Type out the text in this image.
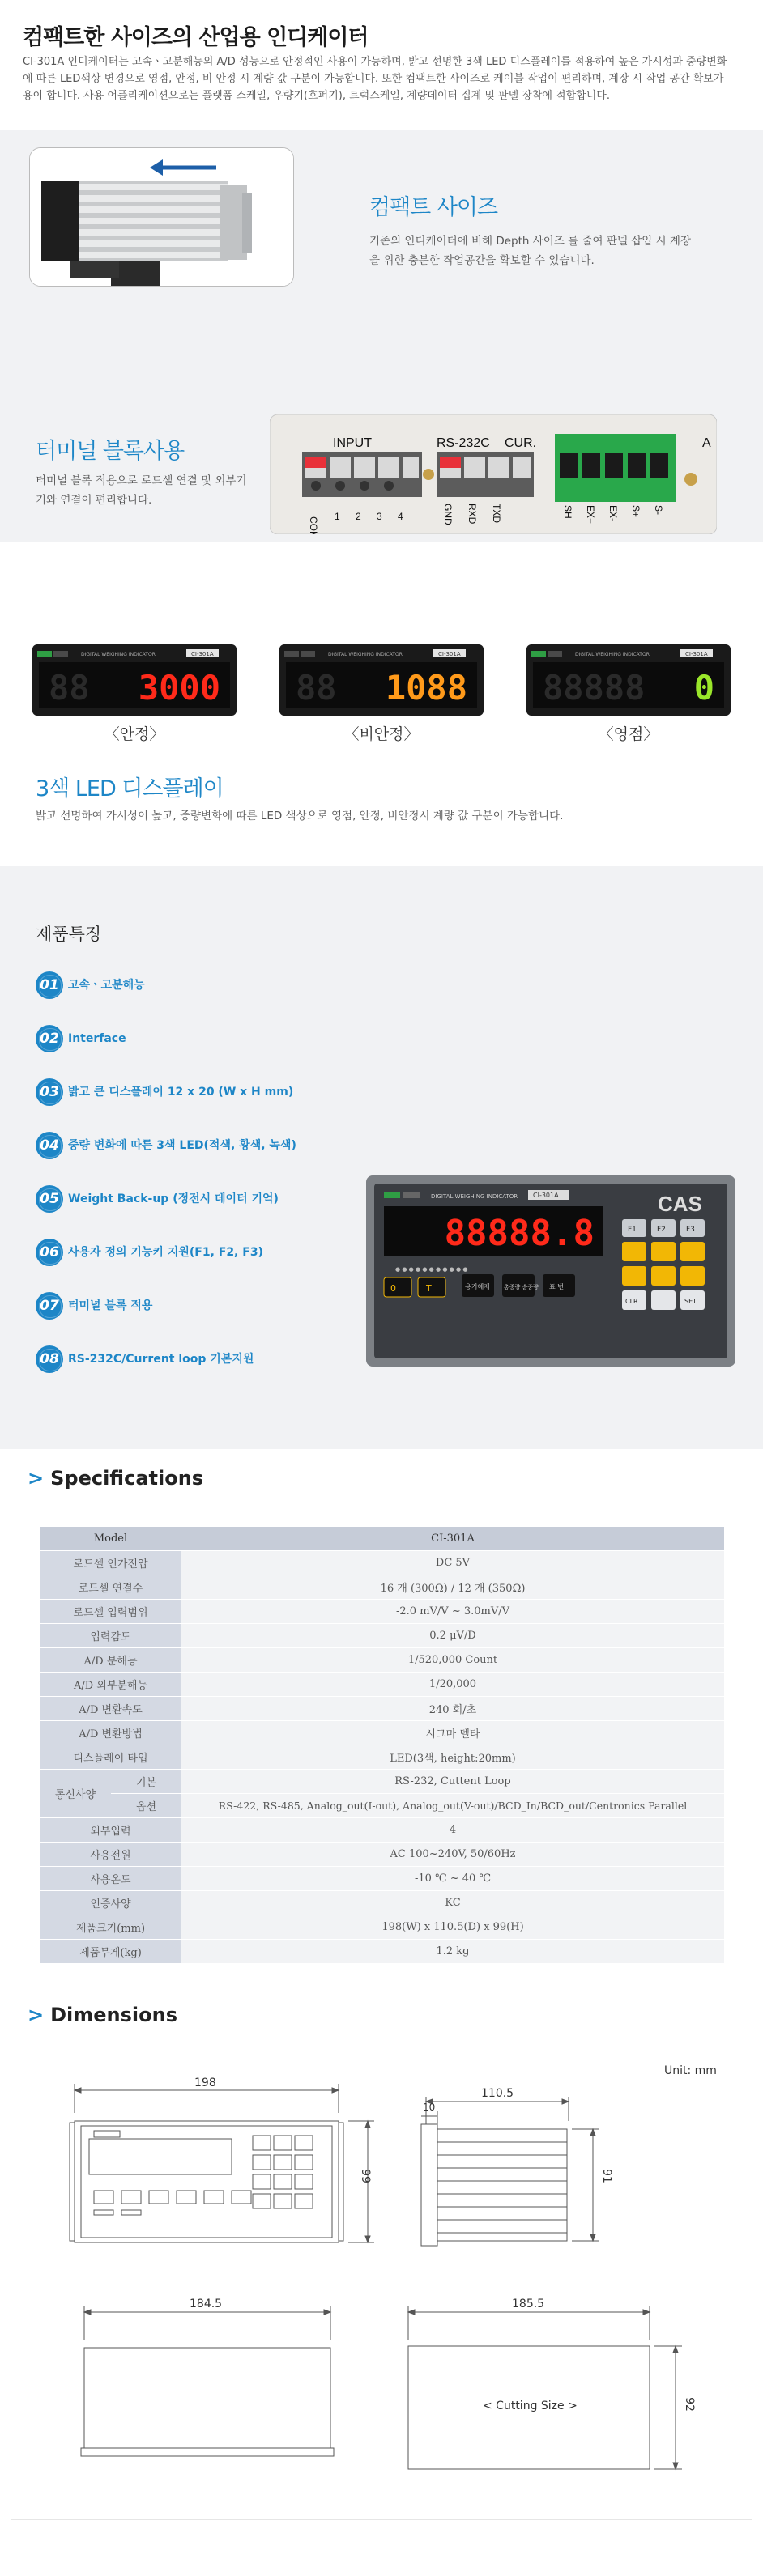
컴팩트한 사이즈의 산업용 인디케이터

CI-301A 인디케이터는 고속ㆍ고분해능의 A/D 성능으로 안정적인 사용이 가능하며, 밝고 선명한 3색 LED 디스플레이를 적용하여 높은 가시성과 중량변화에 따른 LED색상 변경으로 영점, 안정, 비 안정 시 계량 값 구분이 가능합니다. 또한 컴팩트한 사이즈로 케이블 작업이 편리하며, 계장 시 작업 공간 확보가 용이 합니다. 사용 어플리케이션으로는 플랫폼 스케일, 우량기(호퍼기), 트럭스케일, 계량데이터 집계 및 판넬 장착에 적합합니다.

컴팩트 사이즈

기존의 인디케이터에 비해 Depth 사이즈 를 줄여 판넬 삽입 시 계장을 위한 충분한 작업공간을 확보할 수 있습니다.

터미널 블록사용

터미널 블록 적용으로 로드셀 연결 및 외부기기와 연결이 편리합니다.

INPUT	RS-232C CUR.	A
COM 1 2 3 4	GND RXD TXD	SH EX+ EX- S+ S-
DIGITAL WEIGHING INDICATOR	CI-301A
3000
88
〈안정〉
DIGITAL WEIGHING INDICATOR	CI-301A
88 1088
〈비안정〉
DIGITAL WEIGHING INDICATOR	CI-301A
88888 0
〈영점〉
3색 LED 디스플레이

밝고 선명하여 가시성이 높고, 중량변화에 따른 LED 색상으로 영점, 안정, 비안정시 계량 값 구분이 가능합니다.

제품특징
01 고속ㆍ고분해능
02 Interface
03 밝고 큰 디스플레이 12 x 20 (W x H mm)
04 중량 변화에 따른 3색 LED(적색, 황색, 녹색)
05 Weight Back-up (정전시 데이터 기억)
06 사용자 정의 기능키 지원(F1, F2, F3)
07 터미널 블록 적용
08 RS-232C/Current loop 기본지원
DIGITAL WEIGHING INDICATOR CI-301A	CAS
88888.8
● ● ● ● ● ● ● ● ● ● ●
0	T	용기해제 총중량 순중량 표 번
F1	F2	F3
CLR	SET
> Specifications
Model		CI-301A
로드셀 인가전압		DC 5V
로드셀 연결수		16 개 (300Ω) / 12 개 (350Ω)
로드셀 입력범위		-2.0 mV/V ~ 3.0mV/V
입력감도		0.2 μV/D
A/D 분해능		1/520,000 Count
A/D 외부분해능		1/20,000
A/D 변환속도		240 회/초
A/D 변환방법		시그마 델타
디스플레이 타입		LED(3색, height:20mm)
통신사양	기본	RS-232, Cuttent Loop
	옵션	RS-422, RS-485, Analog_out(I-out), Analog_out(V-out)/BCD_In/BCD_out/Centronics Parallel
외부입력		4
사용전원		AC 100~240V, 50/60Hz
사용온도		-10 ℃ ~ 40 ℃
인증사양		KC
제품크기(mm)		198(W) x 110.5(D) x 99(H)
제품무게(kg)		1.2 kg
> Dimensions
Unit: mm
198
99
110.5
10
91
184.5	185.5
92
< Cutting Size >
